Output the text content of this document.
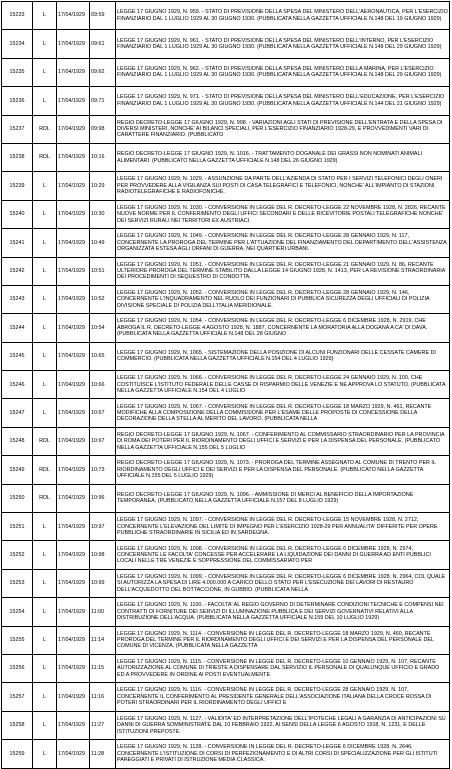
15233	L	17/04/1929	09:59	LEGGE 17 GIUGNO 1929, N. 959. - STATO DI PREVISIONE DELLA SPESA DEL MINISTERO DELL'AERONAUTICA, PER L'ESERCIZIO FINANZIARIO DAL 1 LUGLIO 1929 AL 30 GIUGNO 1930. (PUBBLICATA NELLA GAZZETTA UFFICIALE N.148 DEL 19 GIUGNO 1929)
15234	L	17/04/1929	09:61	LEGGE 17 GIUGNO 1929, N. 961. - STATO DI PREVISIONE DELLA SPESA DEL MINISTERO DELL'INTERNO, PER L'ESERCIZIO FINANZIARIO DAL 1 LUGLIO 1929 AL 30 GIUGNO 1930. (PUBBLICATA NELLA GAZZETTA UFFICIALE N.148 DEL 29 GIUGNO 1929)
15235	L	17/04/1929	09:62	LEGGE 17 GIUGNO 1929, N. 962. - STATO DI PREVISIONE DELLA SPESA DEL MINISTERO DELLA MARINA, PER L'ESERCIZIO FINANZIARIO DAL 1 LUGLIO 1929 AL 30 GIUGNO 1930. (PUBBLICATA NELLA GAZZETTA UFFICIALE N.148 DEL 29 GIUGNO 1929)
15236	L	17/04/1929	09:71	LEGGE 17 GIUGNO 1929, N. 971. - STATO DI PREVISIONE DELLA SPESA DEL MINISTERO DELL'EDUCAZIONE, PER L'ESERCIZIO FINANZIARIO DAL 1 LUGLIO 1929 AL 30 GIUGNO 1930. (PUBBLICATA NELLA GAZZETTA UFFICIALE N.144 DEL 21 GIUGNO 1929)
15237	RDL	17/04/1929	09:98	REGIO DECRETO-LEGGE 17 GIUGNO 1929, N. 998. - VARIAZIONI AGLI STATI DI PREVISIONE DELL'ENTRATA E DELLA SPESA DI DIVERSI MINISTERI, NONCHE' AI BILANCI SPECIALI, PER L'ESERCIZIO FINANZIARIO 1928-29, E PROVVEDIMENTI VARI DI CARATTERE FINANZIARIO. (PUBBLICATO
15238	RDL	17/04/1929	10:16	REGIO DECRETO-LEGGE 17 GIUGNO 1929, N. 1016. - TRATTAMENTO DOGANALE DEI GRASSI NON NOMINATI ANIMALI ALIMENTARI. (PUBBLICATO NELLA GAZZETTA UFFICIALE N.148 DEL 26 GIUGNO 1929)
15239	L	17/04/1929	10:29	LEGGE 17 GIUGNO 1929, N. 1029. - ASSUNZIONE DA PARTE DELL'AZIENDA DI STATO PER I SERVIZI TELEFONICI DEGLI ONERI PER PROVVEDERE ALLA VIGILANZA SUI POSTI DI CASA TELEGRAFICI E TELEFONICI, NONCHE' ALL'IMPIANTO DI STAZIONI RADIOTELEGRAFICHE E RADIOFONICHE.
15240	L	17/04/1929	10:30	LEGGE 17 GIUGNO 1929, N. 1030. - CONVERSIONE IN LEGGE DEL R. DECRETO-LEGGE 22 NOVEMBRE 1928, N. 2826, RECANTE NUOVE NORME PER IL CONFERIMENTO DEGLI UFFICI SECONDARI E DELLE RICEVITORIE POSTALI TELEGRAFICHE NONCHE' DEI SERVIZI RURALI NEI TERRITORI EX AUSTRIACI.
15241	L	17/04/1929	10:49	LEGGE 17 GIUGNO 1929, N. 1049. - CONVERSIONE IN LEGGE DEL R. DECRETO-LEGGE 28 GENNAIO 1929, N. 117, CONCERNENTE LA PROROGA DEL TERMINE PER L'ATTUAZIONE DEL FINANZIAMENTO DEL DEPARTIMENTO DELL'ASSISTENZA ORGANIZZATA ESTESA AGLI ORFANI DI GUERRA, NEI QUARTIERI URBANI.
15242	L	17/04/1929	10:51	LEGGE 17 GIUGNO 1929, N. 1051. - CONVERSIONE IN LEGGE DEL R. DECRETO-LEGGE 21 GENNAIO 1929, N. 86, RECANTE ULTERIORE PROROGA DEL TERMINE STABILITO DALLA LEGGE 14 GIUGNO 1928, N. 1413, PER LA REVISIONE STRAORDINARIA DEI PROCEDIMENTI DI SEQUESTRO DI CONDOTTA.
15243	L	17/04/1929	10:52	LEGGE 17 GIUGNO 1929, N. 1052. - CONVERSIONE IN LEGGE DEL R. DECRETO-LEGGE 28 GENNAIO 1929, N. 146, CONCERNENTE L'INQUADRAMENTO NEL RUOLO DEI FUNZIONARI DI PUBBLICA SICUREZZA DEGLI UFFICIALI DI POLIZIA DIVISIONE SPECIALE DI POLIZIA DELL'ITALIA MERIDIONALE.
15244	L	17/04/1929	10:54	LEGGE 17 GIUGNO 1929, N. 1054. - CONVERSIONE IN LEGGE DEL R. DECRETO-LEGGE 6 DICEMBRE 1928, N. 2919, CHE ABROGA IL R. DECRETO-LEGGE 4 AGOSTO 1928, N. 1887, CONCERNENTE LA MORATORIA ALLA DOGANA A CA' DI DAVA. (PUBBLICATA NELLA GAZZETTA UFFICIALE N.148 DEL 28 GIUGNO
15245	L	17/04/1929	10:65	LEGGE 17 GIUGNO 1929, N. 1065. - SISTEMAZIONE DELLA POSIZIONE DI ALCUNI FUNZIONARI DELLE CESSATE CAMERE DI COMMERCIO. (PUBBLICATA NELLA GAZZETTA UFFICIALE N.154 DEL 4 LUGLIO 1929)
15246	L	17/04/1929	10:66	LEGGE 17 GIUGNO 1929, N. 1066. - CONVERSIONE IN LEGGE DEL R. DECRETO-LEGGE 24 GENNAIO 1929, N. 100, CHE COSTITUISCE L'ISTITUTO FEDERALE DELLE CASSE DI RISPARMIO DELLE VENEZIE E NE APPROVA LO STATUTO. (PUBBLICATA NELLA GAZZETTA UFFICIALE N.154 DEL 4 LUGLIO
15247	L	17/04/1929	10:67	LEGGE 17 GIUGNO 1929, N. 1067. - CONVERSIONE IN LEGGE DEL R. DECRETO-LEGGE 18 MARZO 1929, N. 461, RECANTE MODIFICHE ALLA COMPOSIZIONE DELLA COMMISSIONE PER L'ESAME DELLE PROPOSTE DI CONCESSIONE DELLA DECORAZIONE DELLA STELLA AL MERITO DEL LAVORO. (PUBBLICATA NELLA
15248	RDL	17/04/1929	10:67	REGIO DECRETO-LEGGE 17 GIUGNO 1929, N. 1067. - CONFERIMENTO AL COMMISSARIO STRAORDINARIO PER LA PROVINCIA DI ROMA DEI POTERI PER IL RIORDINAMENTO DEGLI UFFICI E SERVIZI E PER LA DISPENSA DEL PERSONALE. (PUBBLICATO NELLA GAZZETTA UFFICIALE N.155 DEL 5 LUGLIO
15249	RDL	17/04/1929	10:73	REGIO DECRETO-LEGGE 17 GIUGNO 1929, N. 1073. - PROROGA DEL TERMINE ASSEGNATO AL COMUNE DI TRENTO PER IL RIORDINAMENTO DEGLI UFFICI E DEI SERVIZI E PER LA DISPENSA DEL PERSONALE. (PUBBLICATO NELLA GAZZETTA UFFICIALE N.155 DEL 5 LUGLIO 1929)
15250	RDL	17/04/1929	10:96	REGIO DECRETO-LEGGE 17 GIUGNO 1929, N. 1096. - AMMISSIONE DI MERCI AL BENEFICIO DELLA IMPORTAZIONE TEMPORANEA. (PUBBLICATO NELLA GAZZETTA UFFICIALE N.157 DEL 8 LUGLIO 1929)
15251	L	17/04/1929	10:97	LEGGE 17 GIUGNO 1929, N. 1097. - CONVERSIONE IN LEGGE DEL R. DECRETO-LEGGE 15 NOVEMBRE 1928, N. 2712, CONCERNENTE L'ELEVAZIONE DEL LIMITE DI IMPEGNO PER L'ESERCIZIO 1928-29 PER ANNUALITA' DIFFERITE PER OPERE PUBBLICHE STRAORDINARIE IN SICILIA ED IN SARDEGNA.
15252	L	17/04/1929	10:98	LEGGE 17 GIUGNO 1929, N. 1098. - CONVERSIONE IN LEGGE DEL R. DECRETO-LEGGE 6 DICEMBRE 1928, N. 2974, CONCERNENTE LE FACOLTA' CONCESSE PER ACCELERARE LA LIQUIDAZIONE DEI DANNI DI GUERRA AD ENTI PUBBLICI LOCALI NELLE TRE VENEZIE E SOPPRESSIONE DEL COMMISSARIATO PER
15253	L	17/04/1929	10:99	LEGGE 17 GIUGNO 1929, N. 1099. - CONVERSIONE IN LEGGE DEL R. DECRETO-LEGGE 6 DICEMBRE 1928, N. 2964, COL QUALE SI AUTORIZZA LA SPESA DI LIRE 4.000.000 A CARICO DELLO STATO PER L'ESECUZIONE DEI LAVORI DI RESTAURO DELL'ACQUEDOTTO DEL BOTTACCIONE, IN GUBBIO. (PUBBLICATA NELLA
15254	L	17/04/1929	11:00	LEGGE 17 GIUGNO 1929, N. 1100. - FACOLTA' AL REGIO GOVERNO DI DETERMINARE CONDIZIONI TECNICHE E COMPENSI NEI CONTRATTI DI FORNITURE DEI SERVIZI DI ILLUMINAZIONE PUBBLICA E DEI SERVIZI GOVERNATIVI RELATIVI ALLA DISTRIBUZIONE DELL'ACQUA. (PUBBLICATA NELLA GAZZETTA UFFICIALE N.159 DEL 10 LUGLIO 1929)
15255	L	17/04/1929	11:14	LEGGE 17 GIUGNO 1929, N. 1114. - CONVERSIONE IN LEGGE DEL R. DECRETO-LEGGE 18 MARZO 1929, N. 460, RECANTE PROROGA DEL TERMINE PER IL RIORDINAMENTO DEGLI UFFICI E DEI SERVIZI E PER LA DISPENSA DEL PERSONALE DEL COMUNE DI VICENZA. (PUBBLICATA NELLA GAZZETTA
15256	L	17/04/1929	11:15	LEGGE 17 GIUGNO 1929, N. 1115. - CONVERSIONE IN LEGGE DEL R. DECRETO-LEGGE 10 GENNAIO 1929, N. 107, RECANTE AUTORIZZAZIONE AL COMUNE DI TRIESTE A DISPENSARE DAL SERVIZIO IL PERSONALE DI QUALUNQUE UFFICIO E GRADO ED A PROVVEDERE IN ORDINE AI POSTI EVENTUALMENTE
15257	L	17/04/1929	11:16	LEGGE 17 GIUGNO 1929, N. 1116. - CONVERSIONE IN LEGGE DEL R. DECRETO-LEGGE 28 GENNAIO 1929, N. 107, CONCERNENTE IL CONFERIMENTO AL PRESIDENTE GENERALE DELL'ASSOCIAZIONE ITALIANA DELLA CROCE ROSSA DI POTERI STRAORDINARI PER IL RIORDINAMENTO DEGLI UFFICI E
15258	L	17/04/1929	11:27	LEGGE 17 GIUGNO 1929, N. 1127. - VALIDITA' ED INTERPRETAZIONE DELL'IPOTECHE LEGALI A GARANZIA DI ANTICIPAZIONI SU DANNI DI GUERRA SOMMINISTRATE DAL 10 FEBBRAIO 1922, AI SENSI DELLA LEGGE 6 AGOSTO 1918, N. 1231, E DELLE ISTITUZIONI PREPOSTE.
15259	L	17/04/1929	11:28	LEGGE 17 GIUGNO 1929, N. 1128. - CONVERSIONE IN LEGGE DEL R. DECRETO-LEGGE 6 DICEMBRE 1928, N. 2646, CONCERNENTE L'ISTITUZIONE DI CORSI DI PERFEZIONAMENTO E DI ALTRI CORSI DI SPECIALIZZAZIONE PER GLI ISTITUTI PAREGGIATI E PRIVATI DI ISTRUZIONE MEDIA CLASSICA.
